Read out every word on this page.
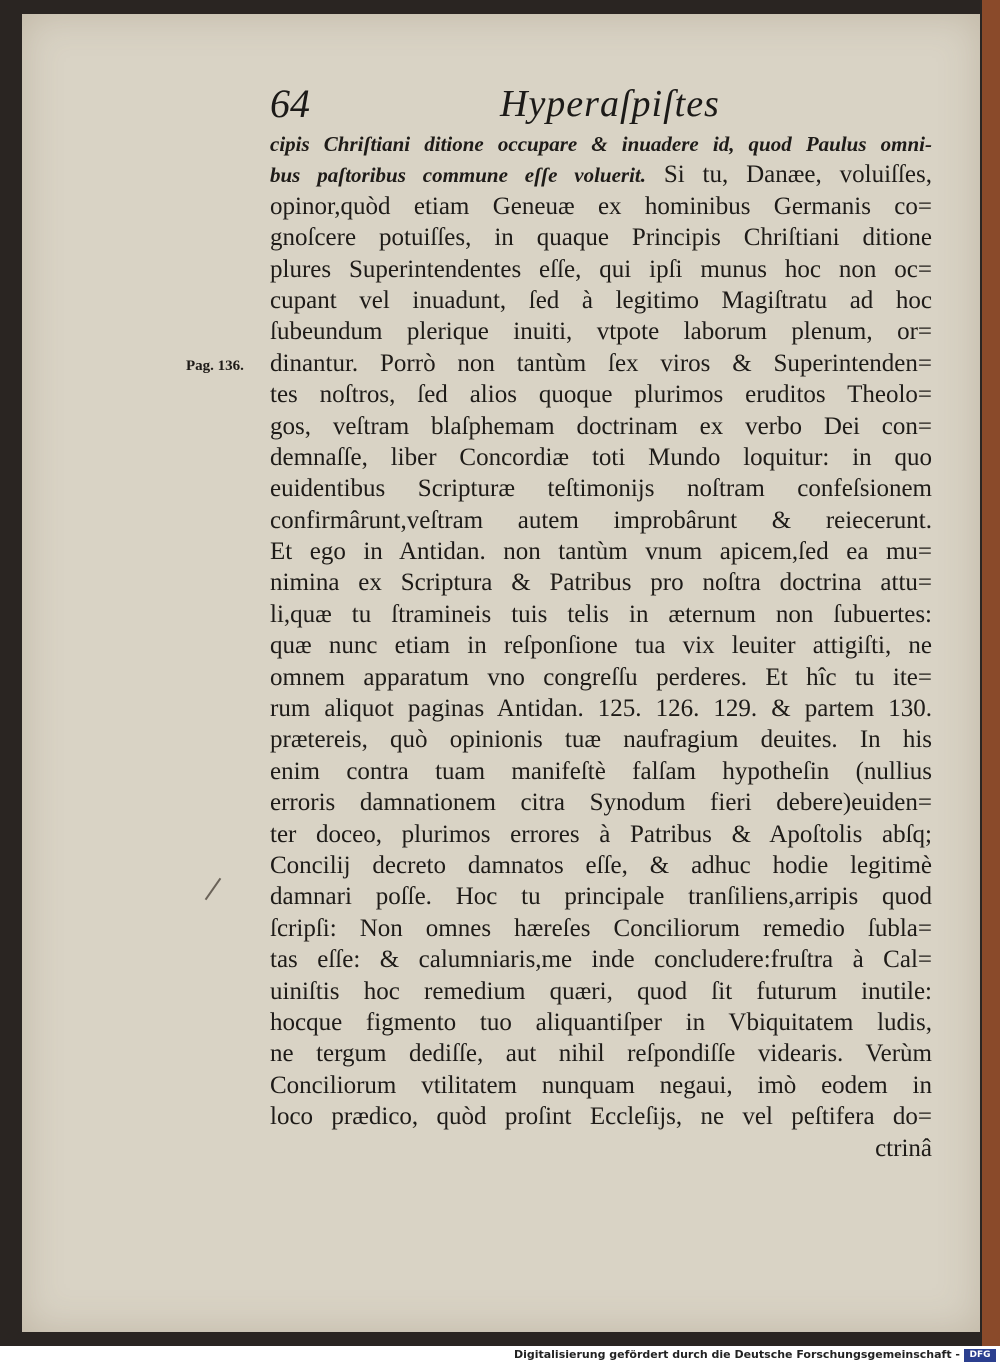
64	Hyperaſpiſtes
Pag. 136.
cipis Chriſtiani ditione occupare & inuadere id, quod Paulus omni-
bus paſtoribus commune eſſe voluerit. Si tu, Danæe, voluiſſes,
opinor,quòd etiam Geneuæ ex hominibus Germanis co=
gnoſcere potuiſſes, in quaque Principis Chriſtiani ditione
plures Superintendentes eſſe, qui ipſi munus hoc non oc=
cupant vel inuadunt, ſed à legitimo Magiſtratu ad hoc
ſubeundum plerique inuiti, vtpote laborum plenum, or=
dinantur. Porrò non tantùm ſex viros & Superintenden=
tes noſtros, ſed alios quoque plurimos eruditos Theolo=
gos, veſtram blaſphemam doctrinam ex verbo Dei con=
demnaſſe, liber Concordiæ toti Mundo loquitur: in quo
euidentibus Scripturæ teſtimonijs noſtram confeſsionem
confirmârunt,veſtram autem improbârunt & reiecerunt.
Et ego in Antidan. non tantùm vnum apicem,ſed ea mu=
nimina ex Scriptura & Patribus pro noſtra doctrina attu=
li,quæ tu ſtramineis tuis telis in æternum non ſubuertes:
quæ nunc etiam in reſponſione tua vix leuiter attigiſti, ne
omnem apparatum vno congreſſu perderes. Et hîc tu ite=
rum aliquot paginas Antidan. 125. 126. 129. & partem 130.
prætereis, quò opinionis tuæ naufragium deuites. In his
enim contra tuam manifeſtè falſam hypotheſin (nullius
erroris damnationem citra Synodum fieri debere)euiden=
ter doceo, plurimos errores à Patribus & Apoſtolis abſq;
Concilij decreto damnatos eſſe, & adhuc hodie legitimè
damnari poſſe. Hoc tu principale tranſiliens,arripis quod
ſcripſi: Non omnes hæreſes Conciliorum remedio ſubla=
tas eſſe: & calumniaris,me inde concludere:fruſtra à Cal=
uiniſtis hoc remedium quæri, quod ſit futurum inutile:
hocque figmento tuo aliquantiſper in Vbiquitatem ludis,
ne tergum dediſſe, aut nihil reſpondiſſe videaris. Verùm
Conciliorum vtilitatem nunquam negaui, imò eodem in
loco prædico, quòd proſint Eccleſijs, ne vel peſtifera do=
ctrinâ
Digitalisierung gefördert durch die Deutsche Forschungsgemeinschaft -	DFG
